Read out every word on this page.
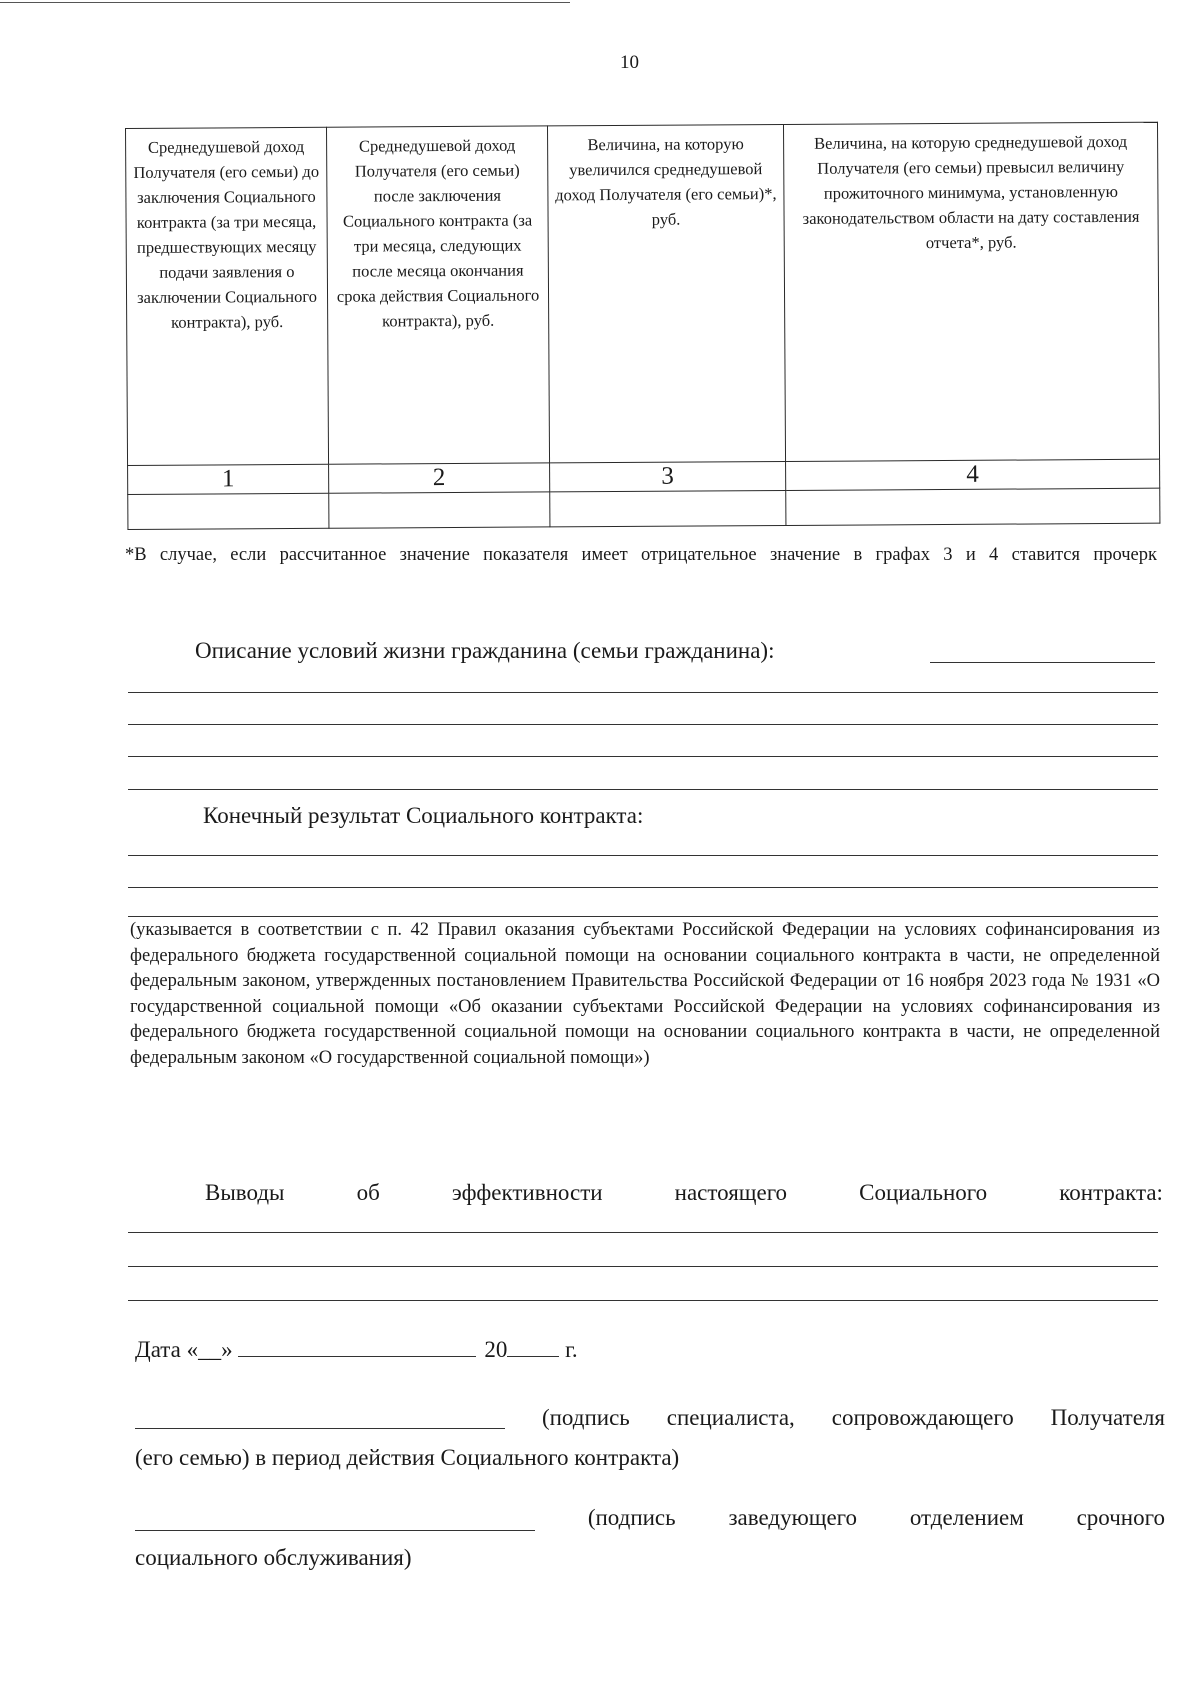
10
Среднедушевой доход Получателя (его семьи) до заключения Социального контракта (за три месяца, предшествующих месяцу подачи заявления о заключении Социального контракта), руб.	Среднедушевой доход Получателя (его семьи) после заключения Социального контракта (за три месяца, следующих после месяца окончания срока действия Социального контракта), руб.	Величина, на которую увеличился среднедушевой доход Получателя (его семьи)*, руб.	Величина, на которую среднедушевой доход Получателя (его семьи) превысил величину прожиточного минимума, установленную законодательством области на дату составления отчета*, руб.
1	2	3	4

*В случае, если рассчитанное значение показателя имеет отрицательное значение в графах 3 и 4 ставится прочерк
Описание условий жизни гражданина (семьи гражданина):
Конечный результат Социального контракта:
(указывается в соответствии с п. 42 Правил оказания субъектами Российской Федерации на условиях софинансирования из федерального бюджета государственной социальной помощи на основании социального контракта в части, не определенной федеральным законом, утвержденных постановлением Правительства Российской Федерации от 16 ноября 2023 года № 1931 «О государственной социальной помощи «Об оказании субъектами Российской Федерации на условиях софинансирования из федерального бюджета государственной социальной помощи на основании социального контракта в части, не определенной федеральным законом «О государственной социальной помощи»)
Выводы	об	эффективности	настоящего	Социального	контракта:
Дата «__»	20 г.
(подпись специалиста, сопровождающего Получателя
(его семью) в период действия Социального контракта)
(подпись заведующего отделением срочного
социального обслуживания)
